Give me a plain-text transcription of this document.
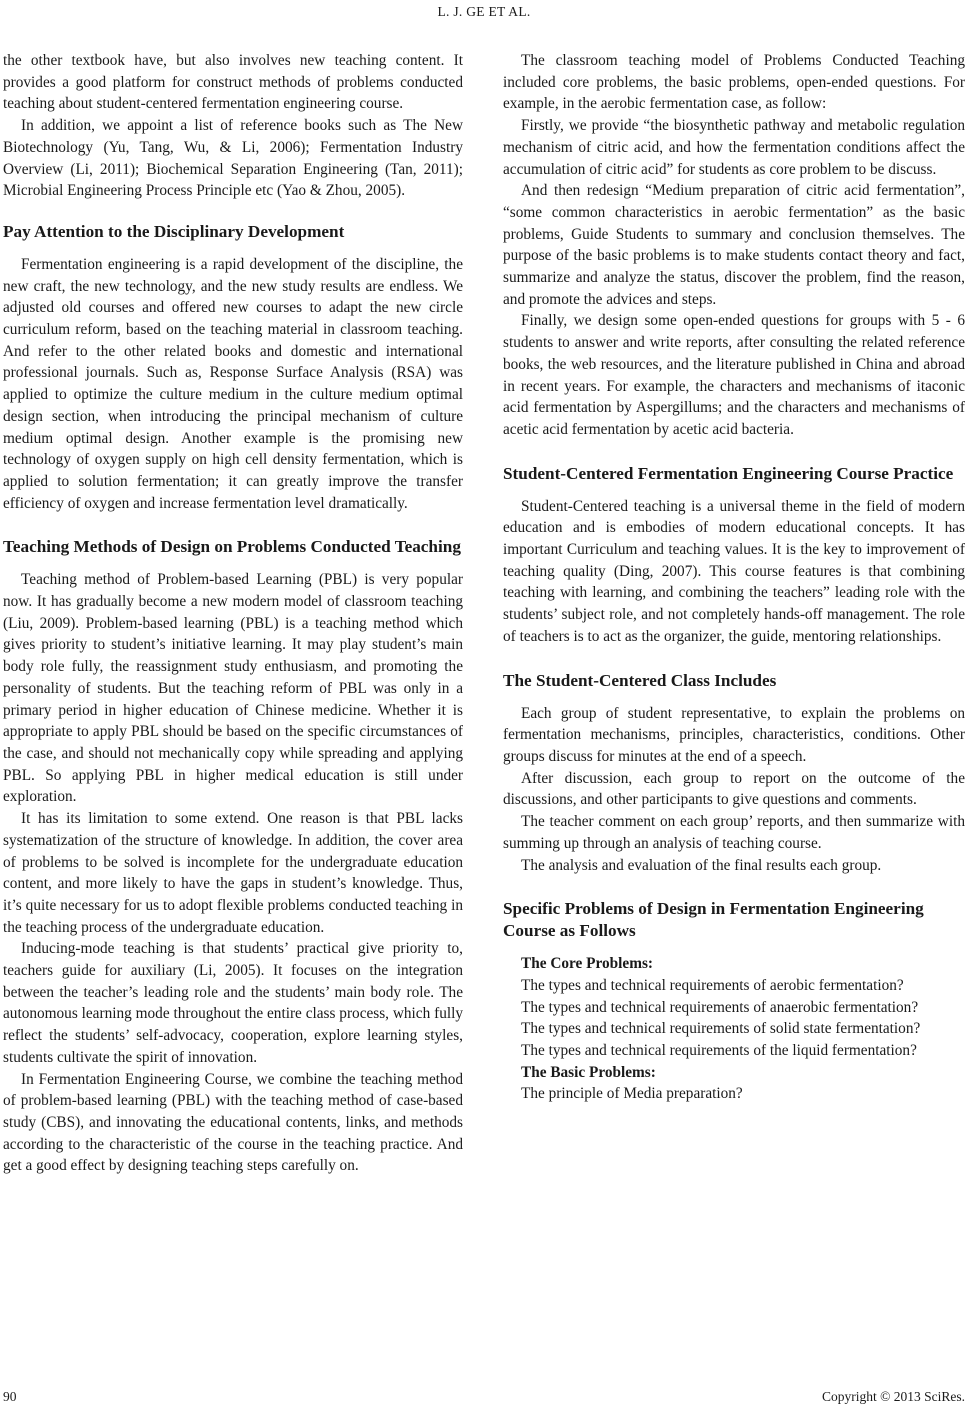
L. J. GE ET AL.

the other textbook have, but also involves new teaching content. It provides a good platform for construct methods of problems conducted teaching about student-centered fermentation engineering course.

In addition, we appoint a list of reference books such as The New Biotechnology (Yu, Tang, Wu, & Li, 2006); Fermentation Industry Overview (Li, 2011); Biochemical Separation Engineering (Tan, 2011); Microbial Engineering Process Principle etc (Yao & Zhou, 2005).

Pay Attention to the Disciplinary Development

Fermentation engineering is a rapid development of the discipline, the new craft, the new technology, and the new study results are endless. We adjusted old courses and offered new courses to adapt the new circle curriculum reform, based on the teaching material in classroom teaching. And refer to the other related books and domestic and international professional journals. Such as, Response Surface Analysis (RSA) was applied to optimize the culture medium in the culture medium optimal design section, when introducing the principal mechanism of culture medium optimal design. Another example is the promising new technology of oxygen supply on high cell density fermentation, which is applied to solution fermentation; it can greatly improve the transfer efficiency of oxygen and increase fermentation level dramatically.

Teaching Methods of Design on Problems Conducted Teaching

Teaching method of Problem-based Learning (PBL) is very popular now. It has gradually become a new modern model of classroom teaching (Liu, 2009). Problem-based learning (PBL) is a teaching method which gives priority to student’s initiative learning. It may play student’s main body role fully, the reassignment study enthusiasm, and promoting the personality of students. But the teaching reform of PBL was only in a primary period in higher education of Chinese medicine. Whether it is appropriate to apply PBL should be based on the specific circumstances of the case, and should not mechanically copy while spreading and applying PBL. So applying PBL in higher medical education is still under exploration.

It has its limitation to some extend. One reason is that PBL lacks systematization of the structure of knowledge. In addition, the cover area of problems to be solved is incomplete for the undergraduate education content, and more likely to have the gaps in student’s knowledge. Thus, it’s quite necessary for us to adopt flexible problems conducted teaching in the teaching process of the undergraduate education.

Inducing-mode teaching is that students’ practical give priority to, teachers guide for auxiliary (Li, 2005). It focuses on the integration between the teacher’s leading role and the students’ main body role. The autonomous learning mode throughout the entire class process, which fully reflect the students’ self-advocacy, cooperation, explore learning styles, students cultivate the spirit of innovation.

In Fermentation Engineering Course, we combine the teaching method of problem-based learning (PBL) with the teaching method of case-based study (CBS), and innovating the educational contents, links, and methods according to the characteristic of the course in the teaching practice. And get a good effect by designing teaching steps carefully on.

The classroom teaching model of Problems Conducted Teaching included core problems, the basic problems, open-ended questions. For example, in the aerobic fermentation case, as follow:

Firstly, we provide “the biosynthetic pathway and metabolic regulation mechanism of citric acid, and how the fermentation conditions affect the accumulation of citric acid” for students as core problem to be discuss.

And then redesign “Medium preparation of citric acid fermentation”, “some common characteristics in aerobic fermentation” as the basic problems, Guide Students to summary and conclusion themselves. The purpose of the basic problems is to make students contact theory and fact, summarize and analyze the status, discover the problem, find the reason, and promote the advices and steps.

Finally, we design some open-ended questions for groups with 5 - 6 students to answer and write reports, after consulting the related reference books, the web resources, and the literature published in China and abroad in recent years. For example, the characters and mechanisms of itaconic acid fermentation by Aspergillums; and the characters and mechanisms of acetic acid fermentation by acetic acid bacteria.

Student-Centered Fermentation Engineering Course Practice

Student-Centered teaching is a universal theme in the field of modern education and is embodies of modern educational concepts. It has important Curriculum and teaching values. It is the key to improvement of teaching quality (Ding, 2007). This course features is that combining teaching with learning, and combining the teachers” leading role with the students’ subject role, and not completely hands-off management. The role of teachers is to act as the organizer, the guide, mentoring relationships.

The Student-Centered Class Includes

Each group of student representative, to explain the problems on fermentation mechanisms, principles, characteristics, conditions. Other groups discuss for minutes at the end of a speech.

After discussion, each group to report on the outcome of the discussions, and other participants to give questions and comments.

The teacher comment on each group’ reports, and then summarize with summing up through an analysis of teaching course.

The analysis and evaluation of the final results each group.

Specific Problems of Design in Fermentation Engineering Course as Follows

The Core Problems:

The types and technical requirements of aerobic fermentation?

The types and technical requirements of anaerobic fermentation?

The types and technical requirements of solid state fermentation?

The types and technical requirements of the liquid fermentation?

The Basic Problems:

The principle of Media preparation?

90	Copyright © 2013 SciRes.
